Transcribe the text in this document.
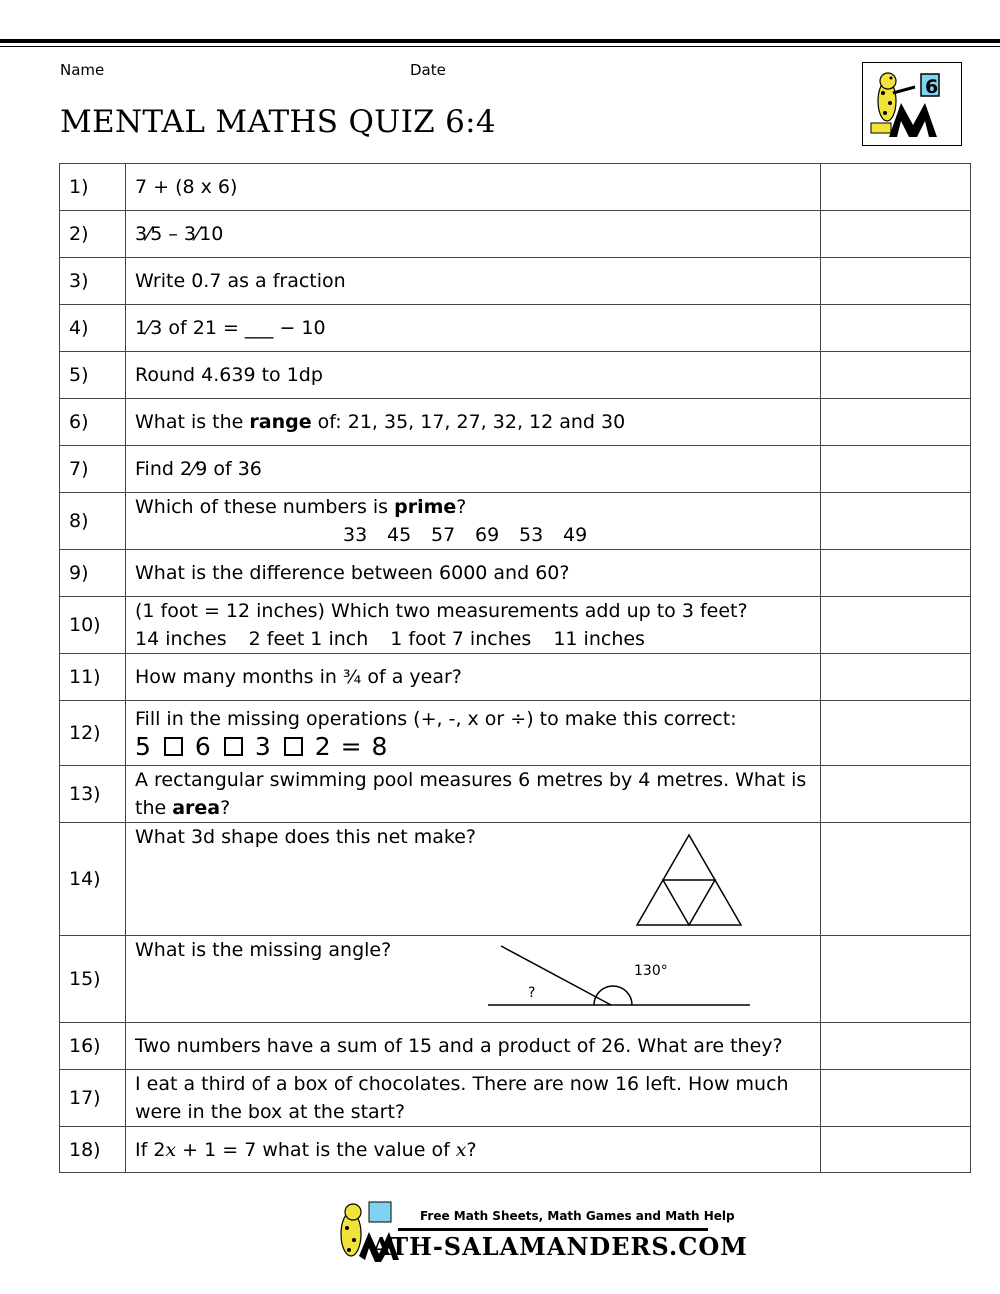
Name	Date
MENTAL MATHS QUIZ 6:4
6
1)	7 + (8 x 6)	
2)	3⁄5 – 3⁄10	
3)	Write 0.7 as a fraction	
4)	1⁄3 of 21 = ___ − 10	
5)	Round 4.639 to 1dp	
6)	What is the range of: 21, 35, 17, 27, 32, 12 and 30	
7)	Find 2⁄9 of 36	
8)	Which of these numbers is prime?
33 45 57 69 53 49	

9)	What is the difference between 6000 and 60?	
10)	(1 foot = 12 inches) Which two measurements add up to 3 feet?
14 inches 2 feet 1 inch 1 foot 7 inches 11 inches	

11)	How many months in ¾ of a year?	
12)	Fill in the missing operations (+, -, x or ÷) to make this correct:
5 6 3 2 = 8	

13)	A rectangular swimming pool measures 6 metres by 4 metres. What is the area?	
14)	What 3d shape does this net make?	

15)	What is the missing angle?
130°
?	

16)	Two numbers have a sum of 15 and a product of 26. What are they?	
17)	I eat a third of a box of chocolates. There are now 16 left. How much were in the box at the start?	
18)	If 2x + 1 = 7 what is the value of x?	
Free Math Sheets, Math Games and Math Help
ATH-SALAMANDERS.COM
